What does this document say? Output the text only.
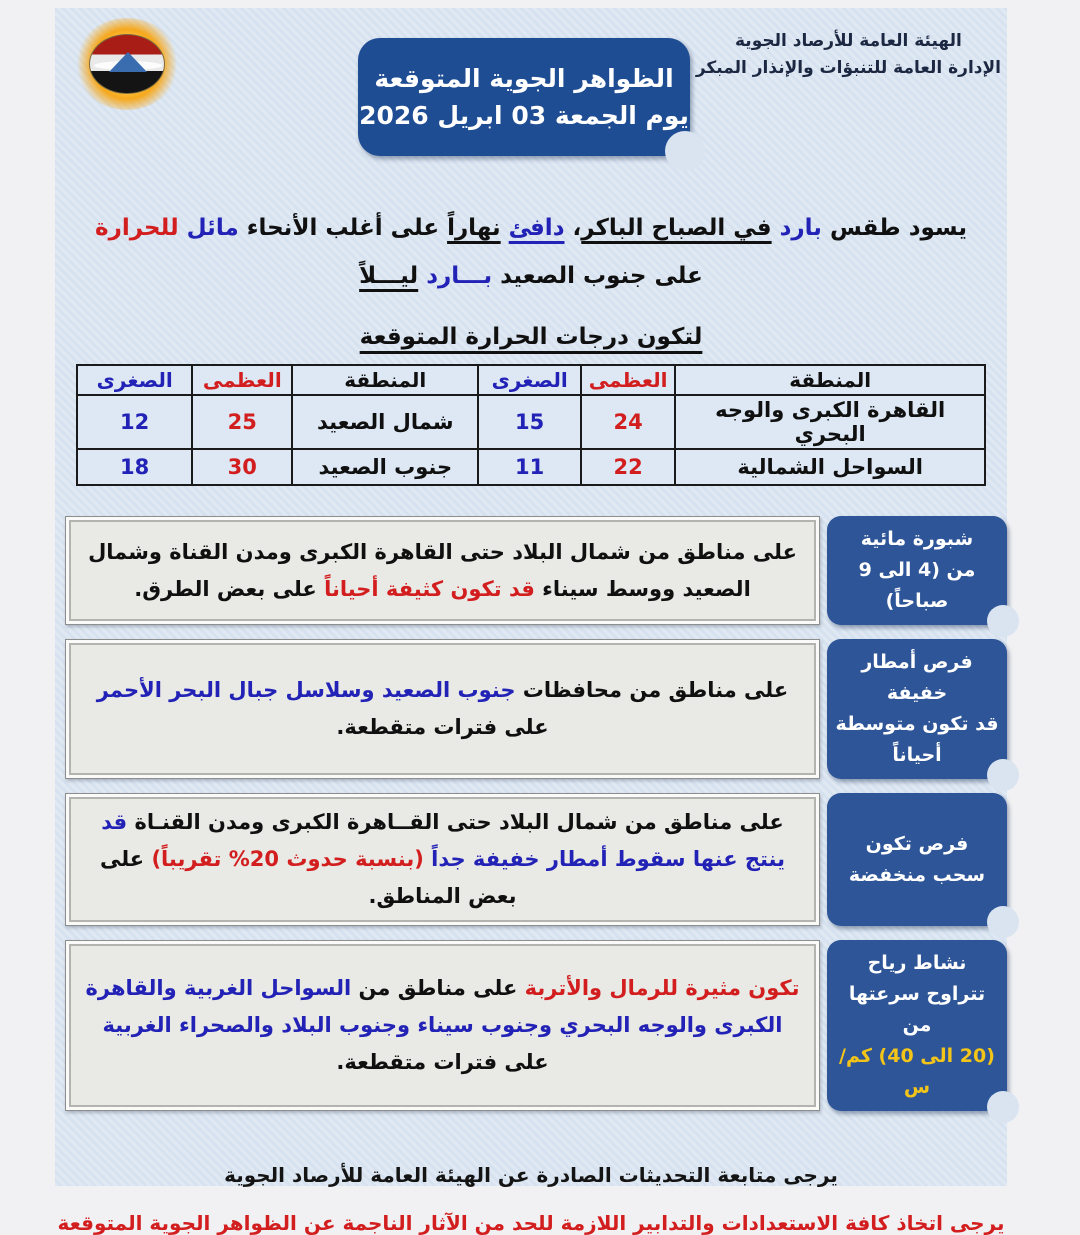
الظواهر الجوية المتوقعة
يوم الجمعة 03 ابريل 2026
الهيئة العامة للأرصاد الجوية
الإدارة العامة للتنبؤات والإنذار المبكر
يسود طقس بارد في الصباح الباكر، دافئ نهاراً على أغلب الأنحاء مائل للحرارة على جنوب الصعيد بـــارد ليـــلاً
لتكون درجات الحرارة المتوقعة
المنطقة	العظمى	الصغرى	المنطقة	العظمى	الصغرى
القاهرة الكبرى والوجه البحري	24	15	شمال الصعيد	25	12
السواحل الشمالية	22	11	جنوب الصعيد	30	18
شبورة مائية
من (4 الى 9 صباحاً)
على مناطق من شمال البلاد حتى القاهرة الكبرى ومدن القناة وشمال الصعيد ووسط سيناء قد تكون كثيفة أحياناً على بعض الطرق.
فرص أمطار خفيفة
قد تكون متوسطة أحياناً
على مناطق من محافظات جنوب الصعيد وسلاسل جبال البحر الأحمر على فترات متقطعة.
فرص تكون
سحب منخفضة
على مناطق من شمال البلاد حتى القــاهرة الكبرى ومدن القنـاة قد ينتج عنها سقوط أمطار خفيفة جداً (بنسبة حدوث 20% تقريباً) على بعض المناطق.
نشاط رياح
تتراوح سرعتها من
(20 الى 40) كم/س
تكون مثيرة للرمال والأتربة على مناطق من السواحل الغربية والقاهرة الكبرى والوجه البحري وجنوب سيناء وجنوب البلاد والصحراء الغربية على فترات متقطعة.
يرجى متابعة التحديثات الصادرة عن الهيئة العامة للأرصاد الجوية
يرجى اتخاذ كافة الاستعدادات والتدابير اللازمة للحد من الآثار الناجمة عن الظواهر الجوية المتوقعة
